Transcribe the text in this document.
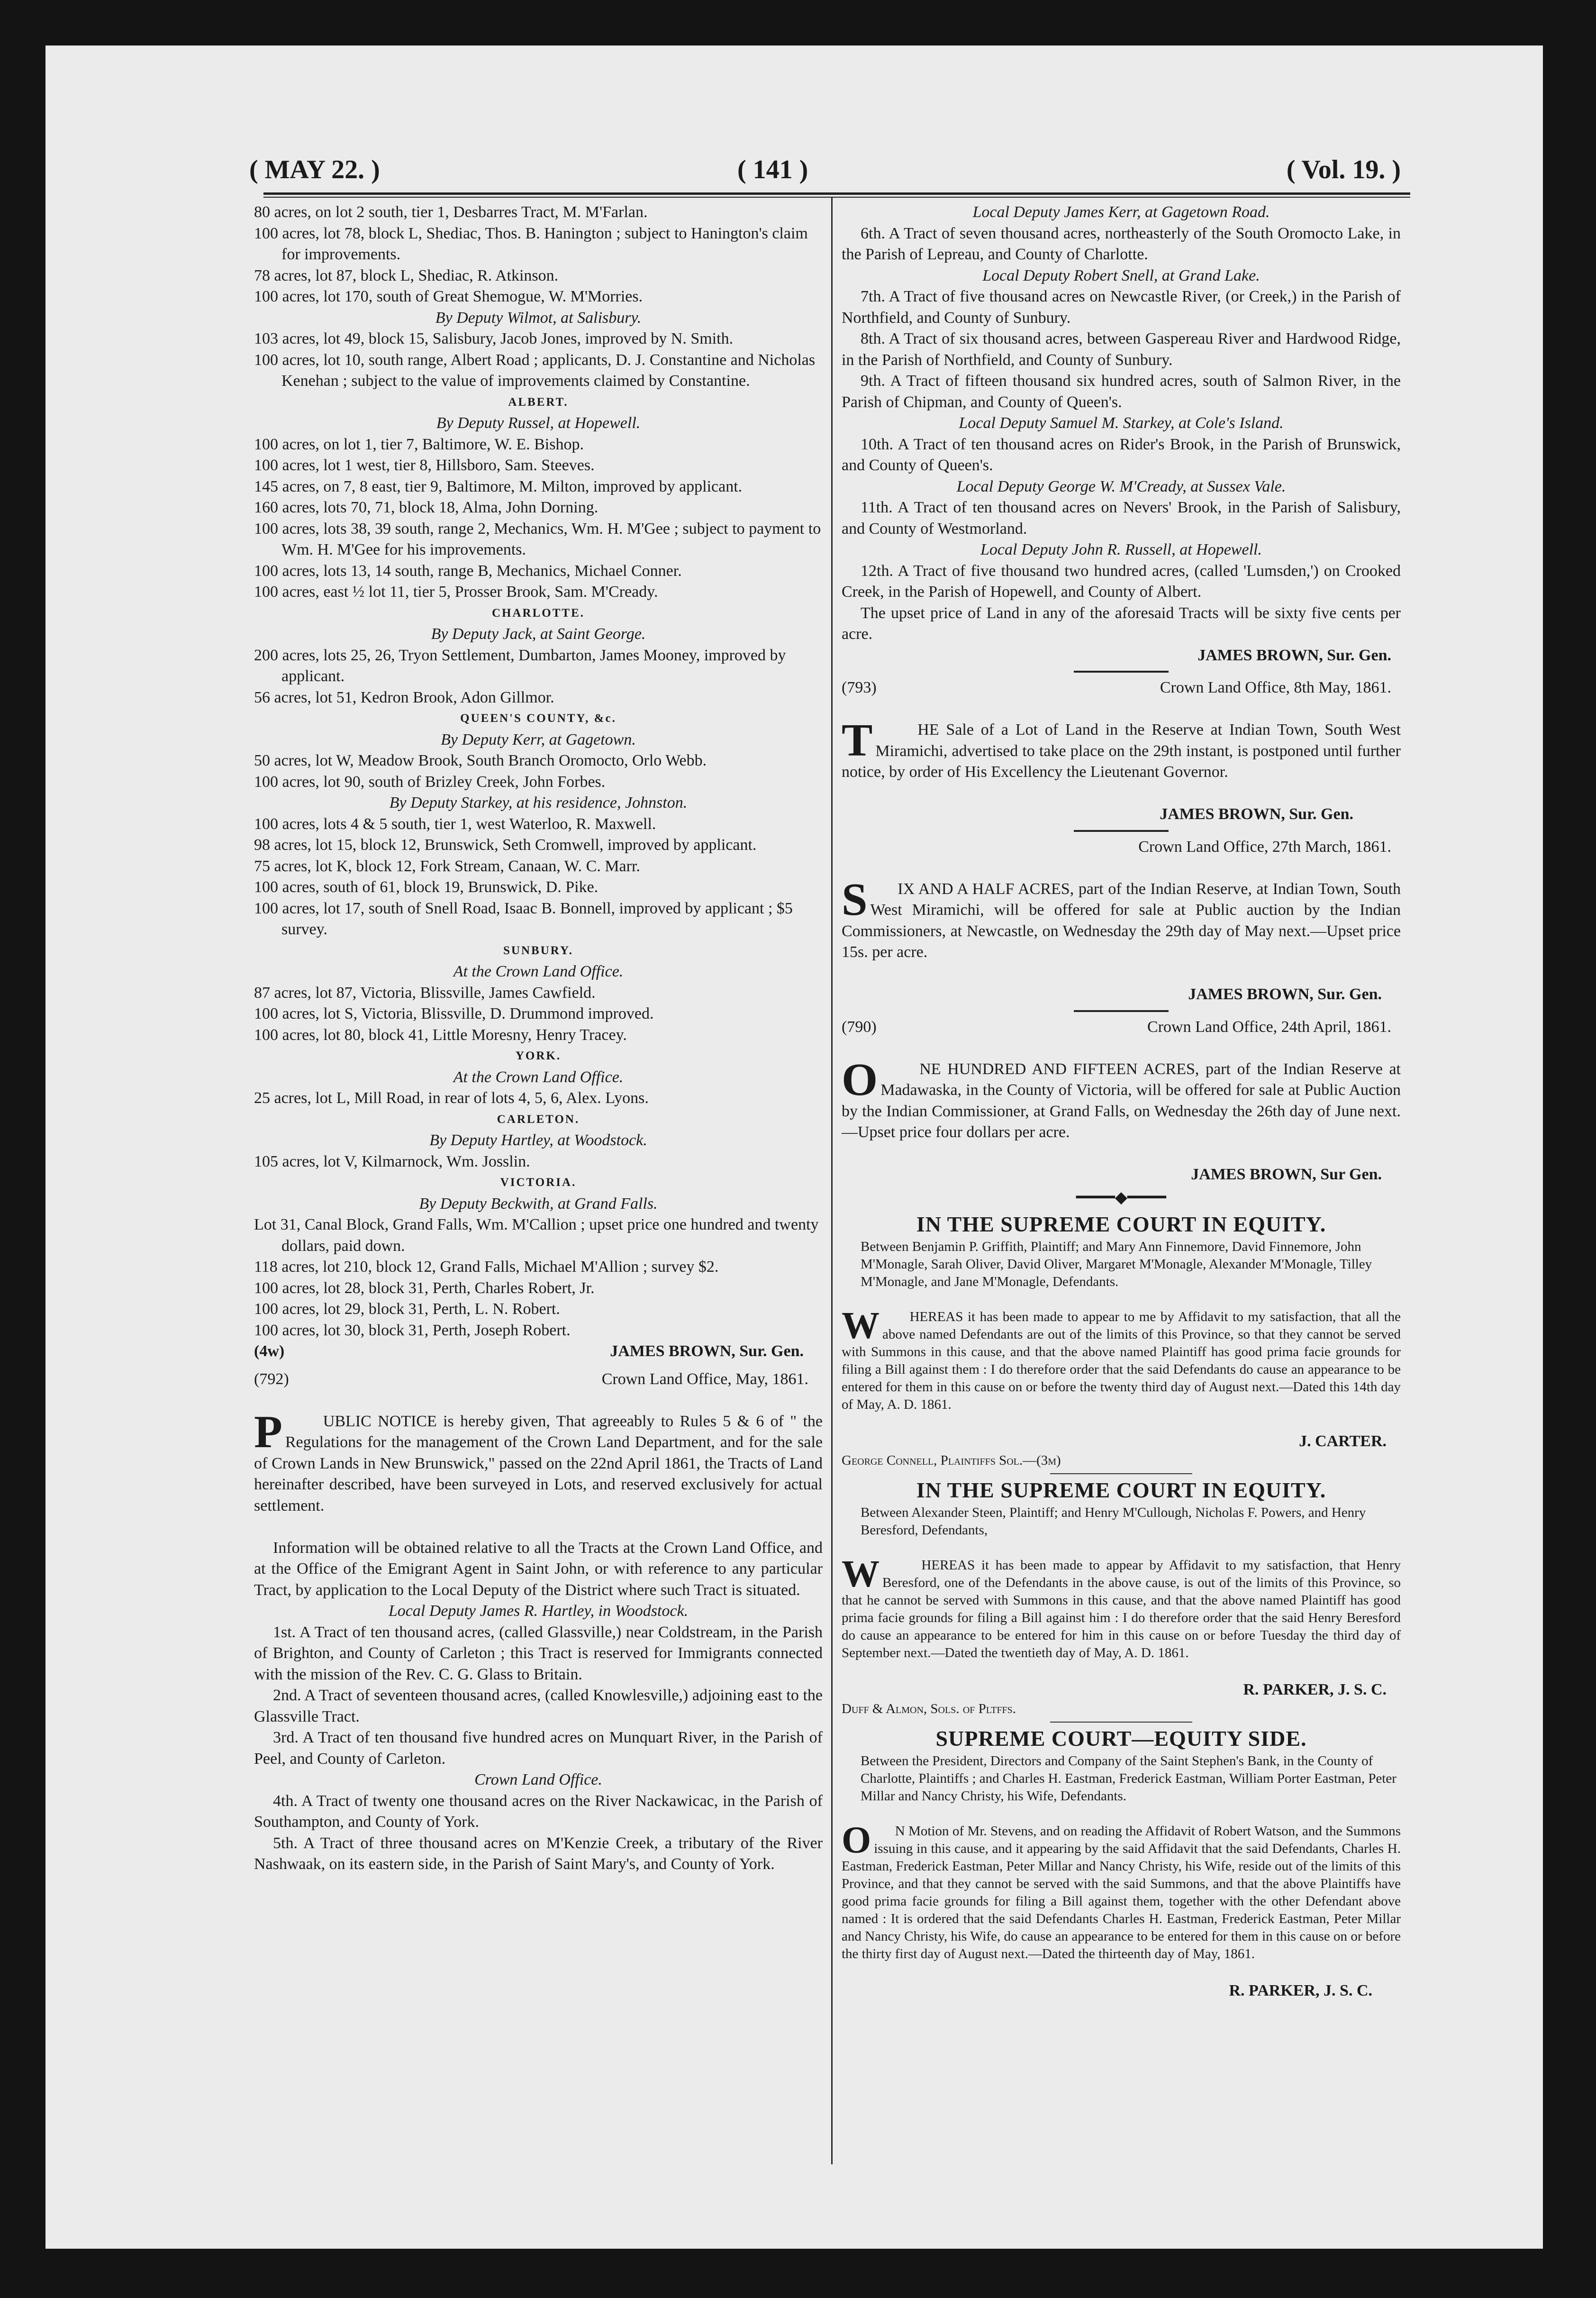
( MAY 22. )	( 141 )	( Vol. 19. )
80 acres, on lot 2 south, tier 1, Desbarres Tract, M. M'Farlan.
100 acres, lot 78, block L, Shediac, Thos. B. Hanington ; subject to Hanington's claim for improvements.
78 acres, lot 87, block L, Shediac, R. Atkinson.
100 acres, lot 170, south of Great Shemogue, W. M'Morries.
By Deputy Wilmot, at Salisbury.
103 acres, lot 49, block 15, Salisbury, Jacob Jones, improved by N. Smith.
100 acres, lot 10, south range, Albert Road ; applicants, D. J. Constantine and Nicholas Kenehan ; subject to the value of improvements claimed by Constantine.
ALBERT.
By Deputy Russel, at Hopewell.
100 acres, on lot 1, tier 7, Baltimore, W. E. Bishop.
100 acres, lot 1 west, tier 8, Hillsboro, Sam. Steeves.
145 acres, on 7, 8 east, tier 9, Baltimore, M. Milton, improved by applicant.
160 acres, lots 70, 71, block 18, Alma, John Dorning.
100 acres, lots 38, 39 south, range 2, Mechanics, Wm. H. M'Gee ; subject to payment to Wm. H. M'Gee for his improvements.
100 acres, lots 13, 14 south, range B, Mechanics, Michael Conner.
100 acres, east ½ lot 11, tier 5, Prosser Brook, Sam. M'Cready.
CHARLOTTE.
By Deputy Jack, at Saint George.
200 acres, lots 25, 26, Tryon Settlement, Dumbarton, James Mooney, improved by applicant.
56 acres, lot 51, Kedron Brook, Adon Gillmor.
QUEEN'S COUNTY, &c.
By Deputy Kerr, at Gagetown.
50 acres, lot W, Meadow Brook, South Branch Oromocto, Orlo Webb.
100 acres, lot 90, south of Brizley Creek, John Forbes.
By Deputy Starkey, at his residence, Johnston.
100 acres, lots 4 & 5 south, tier 1, west Waterloo, R. Maxwell.
98 acres, lot 15, block 12, Brunswick, Seth Cromwell, improved by applicant.
75 acres, lot K, block 12, Fork Stream, Canaan, W. C. Marr.
100 acres, south of 61, block 19, Brunswick, D. Pike.
100 acres, lot 17, south of Snell Road, Isaac B. Bonnell, improved by applicant ; $5 survey.
SUNBURY.
At the Crown Land Office.
87 acres, lot 87, Victoria, Blissville, James Cawfield.
100 acres, lot S, Victoria, Blissville, D. Drummond improved.
100 acres, lot 80, block 41, Little Moresny, Henry Tracey.
YORK.
At the Crown Land Office.
25 acres, lot L, Mill Road, in rear of lots 4, 5, 6, Alex. Lyons.
CARLETON.
By Deputy Hartley, at Woodstock.
105 acres, lot V, Kilmarnock, Wm. Josslin.
VICTORIA.
By Deputy Beckwith, at Grand Falls.
Lot 31, Canal Block, Grand Falls, Wm. M'Callion ; upset price one hundred and twenty dollars, paid down.
118 acres, lot 210, block 12, Grand Falls, Michael M'Allion ; survey $2.
100 acres, lot 28, block 31, Perth, Charles Robert, Jr.
100 acres, lot 29, block 31, Perth, L. N. Robert.
100 acres, lot 30, block 31, Perth, Joseph Robert.
(4w)	JAMES BROWN, Sur. Gen.
(792)	Crown Land Office, May, 1861.

P	UBLIC NOTICE is hereby given, That agreeably to Rules 5 & 6 of " the Regulations for the management of the Crown Land Department, and for the sale of Crown Lands in New Brunswick," passed on the 22nd April 1861, the Tracts of Land hereinafter described, have been surveyed in Lots, and reserved exclusively for actual settlement.

Information will be obtained relative to all the Tracts at the Crown Land Office, and at the Office of the Emigrant Agent in Saint John, or with reference to any particular Tract, by application to the Local Deputy of the District where such Tract is situated.
Local Deputy James R. Hartley, in Woodstock.
1st. A Tract of ten thousand acres, (called Glassville,) near Coldstream, in the Parish of Brighton, and County of Carleton ; this Tract is reserved for Immigrants connected with the mission of the Rev. C. G. Glass to Britain.
2nd. A Tract of seventeen thousand acres, (called Knowlesville,) adjoining east to the Glassville Tract.
3rd. A Tract of ten thousand five hundred acres on Munquart River, in the Parish of Peel, and County of Carleton.
Crown Land Office.
4th. A Tract of twenty one thousand acres on the River Nackawicac, in the Parish of Southampton, and County of York.
5th. A Tract of three thousand acres on M'Kenzie Creek, a tributary of the River Nashwaak, on its eastern side, in the Parish of Saint Mary's, and County of York.
Local Deputy James Kerr, at Gagetown Road.
6th. A Tract of seven thousand acres, northeasterly of the South Oromocto Lake, in the Parish of Lepreau, and County of Charlotte.
Local Deputy Robert Snell, at Grand Lake.
7th. A Tract of five thousand acres on Newcastle River, (or Creek,) in the Parish of Northfield, and County of Sunbury.
8th. A Tract of six thousand acres, between Gaspereau River and Hardwood Ridge, in the Parish of Northfield, and County of Sunbury.
9th. A Tract of fifteen thousand six hundred acres, south of Salmon River, in the Parish of Chipman, and County of Queen's.
Local Deputy Samuel M. Starkey, at Cole's Island.
10th. A Tract of ten thousand acres on Rider's Brook, in the Parish of Brunswick, and County of Queen's.
Local Deputy George W. M'Cready, at Sussex Vale.
11th. A Tract of ten thousand acres on Nevers' Brook, in the Parish of Salisbury, and County of Westmorland.
Local Deputy John R. Russell, at Hopewell.
12th. A Tract of five thousand two hundred acres, (called 'Lumsden,') on Crooked Creek, in the Parish of Hopewell, and County of Albert.
The upset price of Land in any of the aforesaid Tracts will be sixty five cents per acre.
JAMES BROWN, Sur. Gen.
(793)	Crown Land Office, 8th May, 1861.

T	HE Sale of a Lot of Land in the Reserve at Indian Town, South West Miramichi, advertised to take place on the 29th instant, is postponed until further notice, by order of His Excellency the Lieutenant Governor.

JAMES BROWN, Sur. Gen.
Crown Land Office, 27th March, 1861.

S IX AND A HALF ACRES, part of the Indian Reserve, at Indian Town, South West Miramichi, will be offered for sale at Public auction by the Indian Commissioners, at Newcastle, on Wednesday the 29th day of May next.—Upset price 15s. per acre.

JAMES BROWN, Sur. Gen.
(790)	Crown Land Office, 24th April, 1861.

O	NE HUNDRED AND FIFTEEN ACRES, part of the Indian Reserve at Madawaska, in the County of Victoria, will be offered for sale at Public Auction by the Indian Commissioner, at Grand Falls, on Wednesday the 26th day of June next.—Upset price four dollars per acre.

JAMES BROWN, Sur Gen.
━━━━◆━━━━
IN THE SUPREME COURT IN EQUITY.
Between Benjamin P. Griffith, Plaintiff; and Mary Ann Finnemore, David Finnemore, John M'Monagle, Sarah Oliver, David Oliver, Margaret M'Monagle, Alexander M'Monagle, Tilley M'Monagle, and Jane M'Monagle, Defendants.

W HEREAS it has been made to appear to me by Affidavit to my satisfaction, that all the above named Defendants are out of the limits of this Province, so that they cannot be served with Summons in this cause, and that the above named Plaintiff has good prima facie grounds for filing a Bill against them : I do therefore order that the said Defendants do cause an appearance to be entered for them in this cause on or before the twenty third day of August next.—Dated this 14th day of May, A. D. 1861.

J. CARTER.
George Connell, Plaintiffs Sol.—(3m)
IN THE SUPREME COURT IN EQUITY.
Between Alexander Steen, Plaintiff; and Henry M'Cullough, Nicholas F. Powers, and Henry Beresford, Defendants,

W	HEREAS it has been made to appear by Affidavit to my satisfaction, that Henry Beresford, one of the Defendants in the above cause, is out of the limits of this Province, so that he cannot be served with Summons in this cause, and that the above named Plaintiff has good prima facie grounds for filing a Bill against him : I do therefore order that the said Henry Beresford do cause an appearance to be entered for him in this cause on or before Tuesday the third day of September next.—Dated the twentieth day of May, A. D. 1861.

R. PARKER, J. S. C.
Duff & Almon, Sols. of Pltffs.
SUPREME COURT—EQUITY SIDE.
Between the President, Directors and Company of the Saint Stephen's Bank, in the County of Charlotte, Plaintiffs ; and Charles H. Eastman, Frederick Eastman, William Porter Eastman, Peter Millar and Nancy Christy, his Wife, Defendants.

O N Motion of Mr. Stevens, and on reading the Affidavit of Robert Watson, and the Summons issuing in this cause, and it appearing by the said Affidavit that the said Defendants, Charles H. Eastman, Frederick Eastman, Peter Millar and Nancy Christy, his Wife, reside out of the limits of this Province, and that they cannot be served with the said Summons, and that the above Plaintiffs have good prima facie grounds for filing a Bill against them, together with the other Defendant above named : It is ordered that the said Defendants Charles H. Eastman, Frederick Eastman, Peter Millar and Nancy Christy, his Wife, do cause an appearance to be entered for them in this cause on or before the thirty first day of August next.—Dated the thirteenth day of May, 1861.

R. PARKER, J. S. C.
